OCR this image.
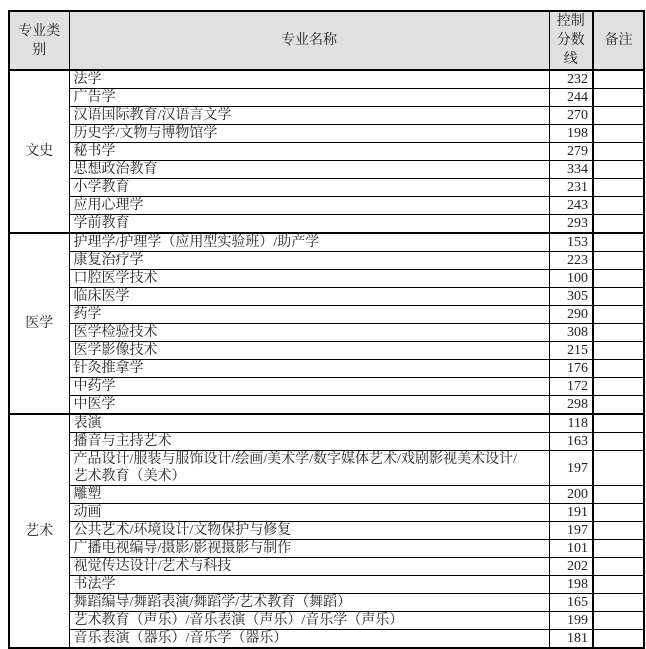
专业类别	专业名称	控制分数线	备注
文史	法学	232	
	广告学	244	
	汉语国际教育/汉语言文学	270	
	历史学/文物与博物馆学	198	
	秘书学	279	
	思想政治教育	334	
	小学教育	231	
	应用心理学	243	
	学前教育	293	
医学	护理学/护理学（应用型实验班）/助产学	153	
	康复治疗学	223	
	口腔医学技术	100	
	临床医学	305	
	药学	290	
	医学检验技术	308	
	医学影像技术	215	
	针灸推拿学	176	
	中药学	172	
	中医学	298	
艺术	表演	118	
	播音与主持艺术	163	
	产品设计/服装与服饰设计/绘画/美术学/数字媒体艺术/戏剧影视美术设计/艺术教育（美术）	197	
	雕塑	200	
	动画	191	
	公共艺术/环境设计/文物保护与修复	197	
	广播电视编导/摄影/影视摄影与制作	101	
	视觉传达设计/艺术与科技	202	
	书法学	198	
	舞蹈编导/舞蹈表演/舞蹈学/艺术教育（舞蹈）	165	
	艺术教育（声乐）/音乐表演（声乐）/音乐学（声乐）	199	
	音乐表演（器乐）/音乐学（器乐）	181	
